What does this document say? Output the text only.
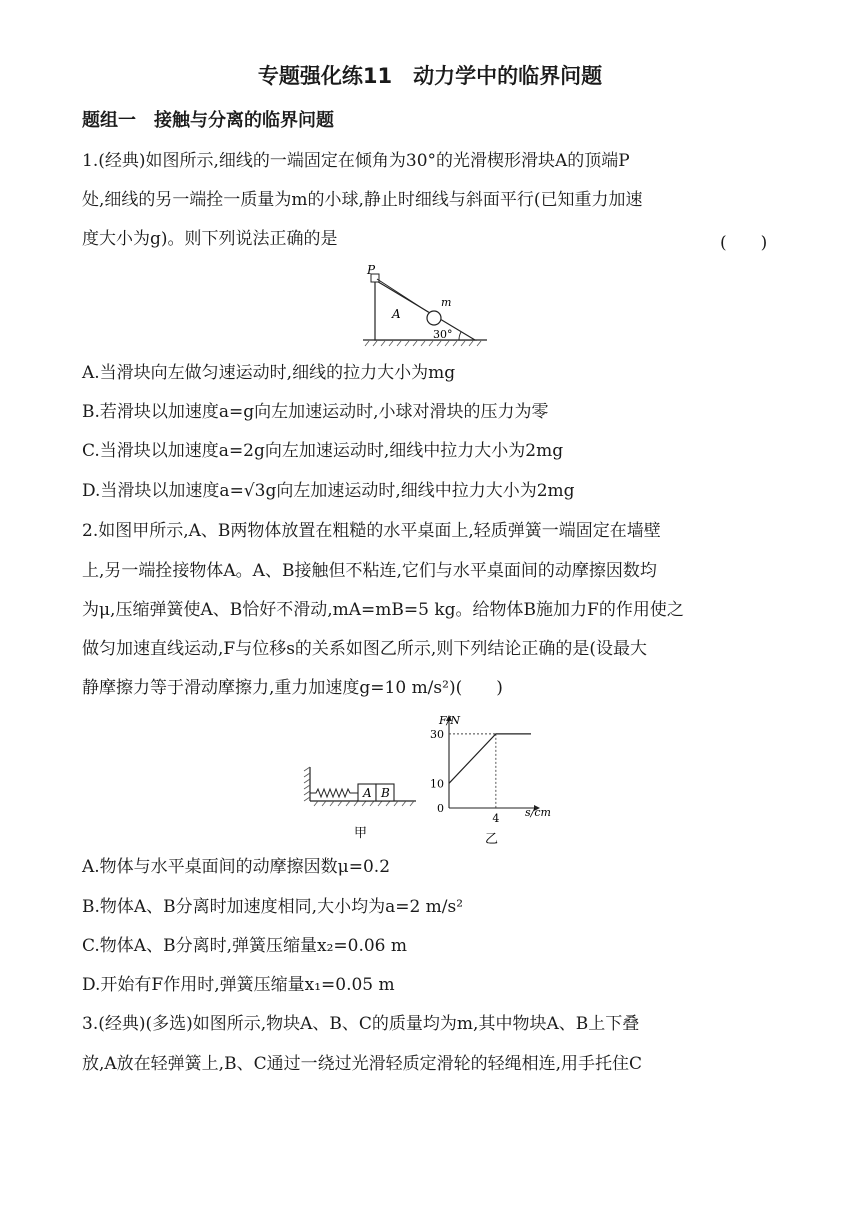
专题强化练11　动力学中的临界问题
题组一　接触与分离的临界问题
1.(经典)如图所示,细线的一端固定在倾角为30°的光滑楔形滑块A的顶端P
处,细线的另一端拴一质量为m的小球,静止时细线与斜面平行(已知重力加速
度大小为g)。则下列说法正确的是	(　　)
P
m
A
30°
A.当滑块向左做匀速运动时,细线的拉力大小为mg
B.若滑块以加速度a=g向左加速运动时,小球对滑块的压力为零
C.当滑块以加速度a=2g向左加速运动时,细线中拉力大小为2mg
D.当滑块以加速度a=√3g向左加速运动时,细线中拉力大小为2mg
2.如图甲所示,A、B两物体放置在粗糙的水平桌面上,轻质弹簧一端固定在墙壁
上,另一端拴接物体A。A、B接触但不粘连,它们与水平桌面间的动摩擦因数均
为μ,压缩弹簧使A、B恰好不滑动,mA=mB=5 kg。给物体B施加力F的作用使之
做匀加速直线运动,F与位移s的关系如图乙所示,则下列结论正确的是(设最大
静摩擦力等于滑动摩擦力,重力加速度g=10 m/s²)(　　)
A B
甲
0
10
30
4
F/N
s/cm
乙
A.物体与水平桌面间的动摩擦因数μ=0.2
B.物体A、B分离时加速度相同,大小均为a=2 m/s²
C.物体A、B分离时,弹簧压缩量x₂=0.06 m
D.开始有F作用时,弹簧压缩量x₁=0.05 m
3.(经典)(多选)如图所示,物块A、B、C的质量均为m,其中物块A、B上下叠
放,A放在轻弹簧上,B、C通过一绕过光滑轻质定滑轮的轻绳相连,用手托住C
